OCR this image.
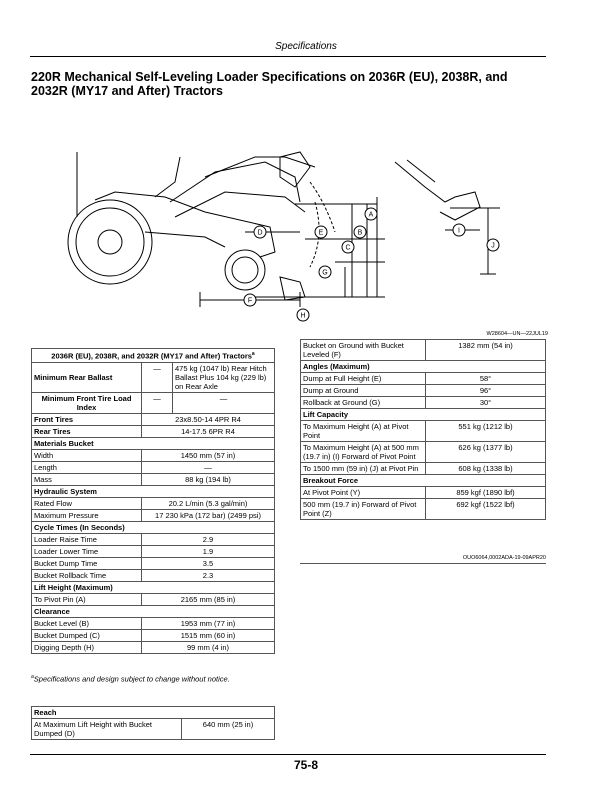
Specifications
220R Mechanical Self-Leveling Loader Specifications on 2036R (EU), 2038R, and 2032R (MY17 and After) Tractors
A
B
C
D	E
F
G
H
I
J
W28604—UN—22JUL19
2036R (EU), 2038R, and 2032R (MY17 and After) Tractors$^a$
Minimum Rear Ballast	—	475 kg (1047 lb) Rear Hitch Ballast Plus 104 kg (229 lb) on Rear Axle
Minimum Front Tire Load Index	—	—
Front Tires	23x8.50-14 4PR R4	
Rear Tires	14-17.5 6PR R4	
Materials Bucket		
Width	1450 mm (57 in)	
Length	—	
Mass	88 kg (194 lb)	
Hydraulic System		
Rated Flow	20.2 L/min (5.3 gal/min)	
Maximum Pressure	17 230 kPa (172 bar) (2499 psi)	
Cycle Times (In Seconds)		
Loader Raise Time	2.9	
Loader Lower Time	1.9	
Bucket Dump Time	3.5	
Bucket Rollback Time	2.3	
Lift Height (Maximum)		
To Pivot Pin (A)	2165 mm (85 in)	
Clearance		
Bucket Level (B)	1953 mm (77 in)	
Bucket Dumped (C)	1515 mm (60 in)	
Digging Depth (H)	99 mm (4 in)	
$^a$Specifications and design subject to change without notice.
Reach
At Maximum Lift Height with Bucket Dumped (D)	640 mm (25 in)
Bucket on Ground with Bucket Leveled (F)	1382 mm (54 in)
Angles (Maximum)	
Dump at Full Height (E)	58°
Dump at Ground	96°
Rollback at Ground (G)	30°
Lift Capacity	
To Maximum Height (A) at Pivot Point	551 kg (1212 lb)
To Maximum Height (A) at 500 mm (19.7 in) (I) Forward of Pivot Point	626 kg (1377 lb)
To 1500 mm (59 in) (J) at Pivot Pin	608 kg (1338 lb)
Breakout Force	
At Pivot Point (Y)	859 kgf (1890 lbf)
500 mm (19.7 in) Forward of Pivot Point (Z)	692 kgf (1522 lbf)
OUO6064,0002ADA-19-09APR20
75-8
